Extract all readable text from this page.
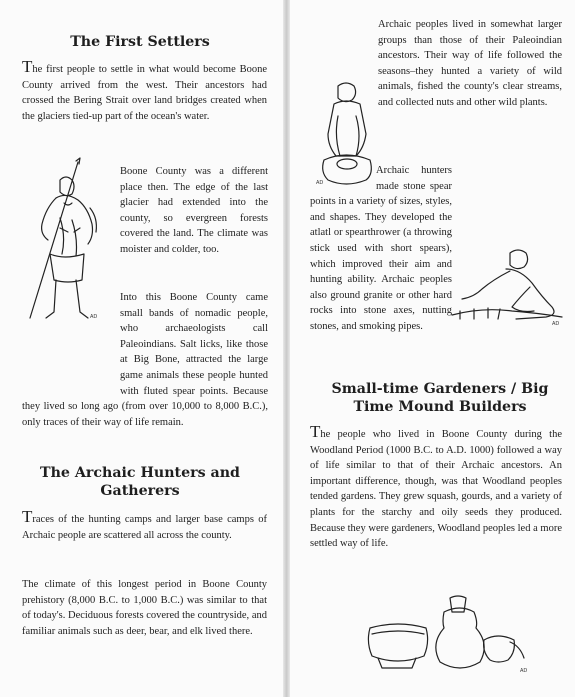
The First Settlers

The first people to settle in what would become Boone County arrived from the west. Their ancestors had crossed the Bering Strait over land bridges created when the glaciers tied-up part of the ocean's water.

AD

Boone County was a different place then. The edge of the last glacier had extended into the county, so evergreen forests covered the land. The climate was moister and colder, too.

Into this Boone County came small bands of nomadic people, who archaeologists call Paleoindians. Salt licks, like those at Big Bone, attracted the large game animals these people hunted with fluted spear points. Because they lived so long ago (from over 10,000 to 8,000 B.C.), only traces of their way of life remain.

The Archaic Hunters and Gatherers

Traces of the hunting camps and larger base camps of Archaic people are scattered all across the county.

The climate of this longest period in Boone County prehistory (8,000 B.C. to 1,000 B.C.) was similar to that of today's. Deciduous forests covered the countryside, and familiar animals such as deer, bear, and elk lived there.

Archaic peoples lived in somewhat larger groups than those of their Paleoindian ancestors. Their way of life followed the seasons–they hunted a variety of wild animals, fished the county's clear streams, and collected nuts and other wild plants.

AD

Archaic hunters made stone spear points in a variety of sizes, styles, and shapes. They developed the atlatl or spearthrower (a throwing stick used with short spears), which improved their aim and hunting ability. Archaic peoples also ground granite or other hard rocks into stone axes, nutting stones, and smoking pipes.	AD
Small-time Gardeners / Big Time Mound Builders

The people who lived in Boone County during the Woodland Period (1000 B.C. to A.D. 1000) followed a way of life similar to that of their Archaic ancestors. An important difference, though, was that Woodland peoples tended gardens. They grew squash, gourds, and a variety of plants for the starchy and oily seeds they produced. Because they were gardeners, Woodland peoples led a more settled way of life.

AD
